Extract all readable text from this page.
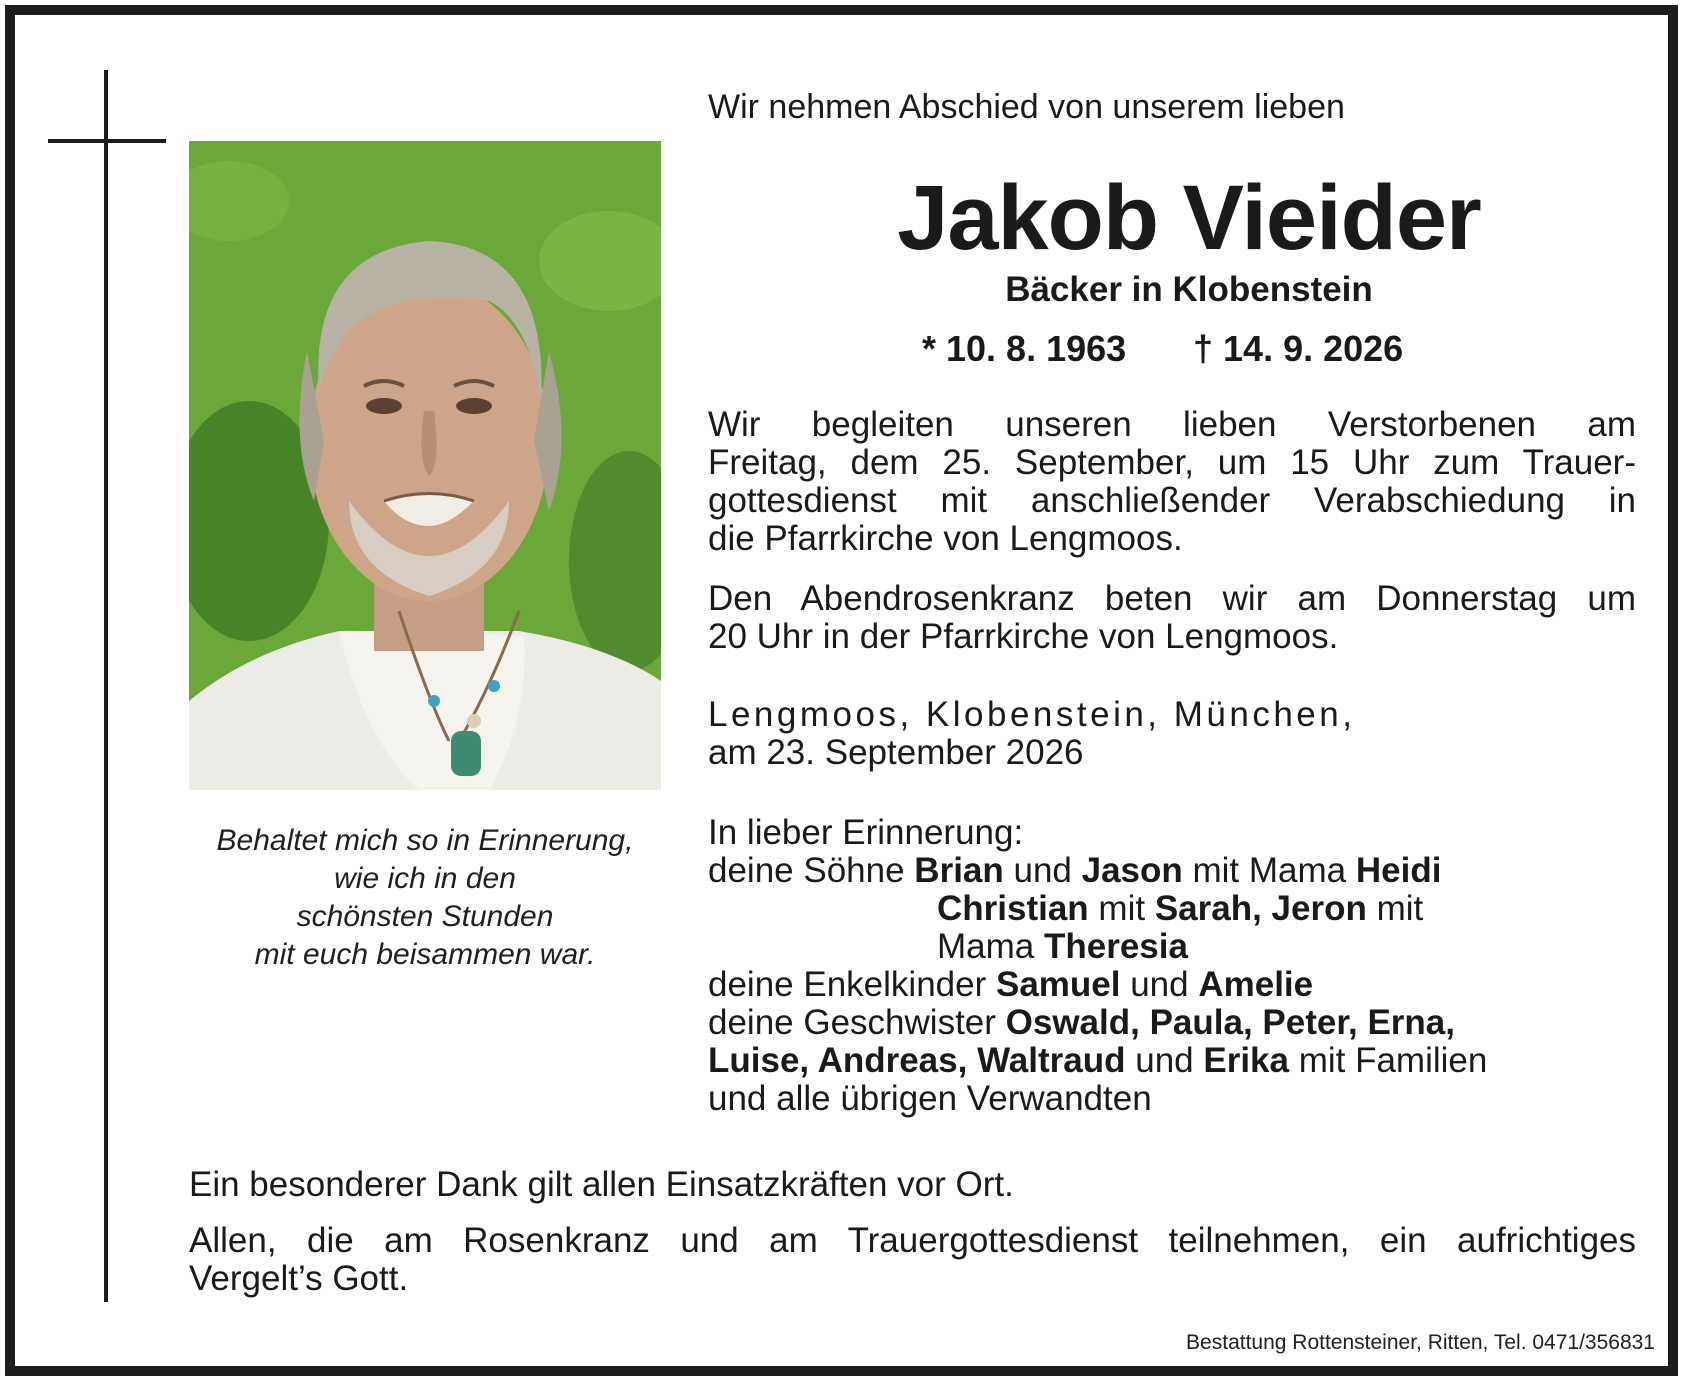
Behaltet mich so in Erinnerung,
wie ich in den
schönsten Stunden
mit euch beisammen war.
Wir nehmen Abschied von unserem lieben
Jakob Vieider
Bäcker in Klobenstein
* 10. 8. 1963 † 14. 9. 2026
Wir begleiten unseren lieben Verstorbenen am
Freitag, dem 25. September, um 15 Uhr zum Trauer-
gottesdienst mit anschließender Verabschiedung in
die Pfarrkirche von Lengmoos.
Den Abendrosenkranz beten wir am Donnerstag um
20 Uhr in der Pfarrkirche von Lengmoos.
Lengmoos, Klobenstein, München,
am 23. September 2026
In lieber Erinnerung:
deine Söhne Brian und Jason mit Mama Heidi
Christian mit Sarah, Jeron mit
Mama Theresia
deine Enkelkinder Samuel und Amelie
deine Geschwister Oswald, Paula, Peter, Erna,
Luise, Andreas, Waltraud und Erika mit Familien
und alle übrigen Verwandten
Ein besonderer Dank gilt allen Einsatzkräften vor Ort.
Allen, die am Rosenkranz und am Trauergottesdienst teilnehmen, ein aufrichtiges
Vergelt’s Gott.
Bestattung Rottensteiner, Ritten, Tel. 0471/356831
